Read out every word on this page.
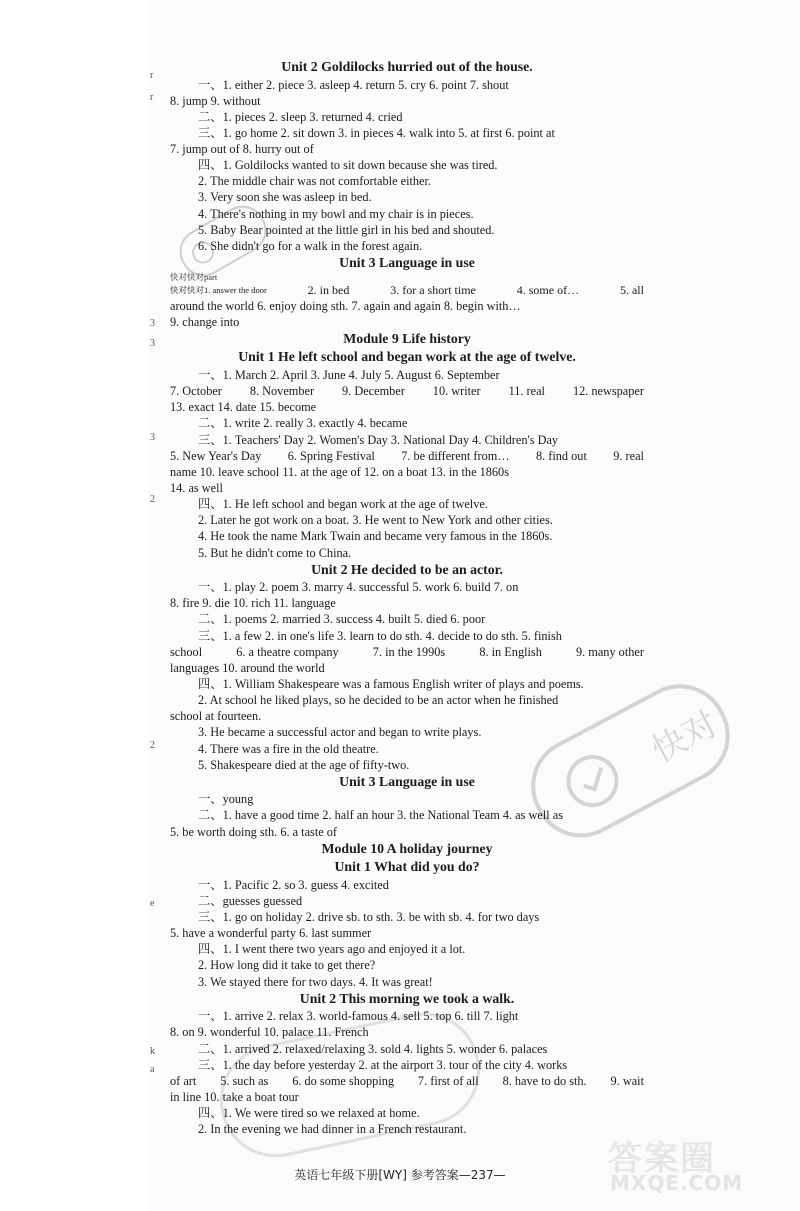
快对
Unit 2 Goldilocks hurried out of the house.
一、1. either 2. piece 3. asleep 4. return 5. cry 6. point 7. shout
8. jump 9. without
二、1. pieces 2. sleep 3. returned 4. cried
三、1. go home 2. sit down 3. in pieces 4. walk into 5. at first 6. point at
7. jump out of 8. hurry out of
四、1. Goldilocks wanted to sit down because she was tired.
2. The middle chair was not comfortable either.
3. Very soon she was asleep in bed.
4. There's nothing in my bowl and my chair is in pieces.
5. Baby Bear pointed at the little girl in his bed and shouted.
6. She didn't go for a walk in the forest again.
Unit 3 Language in use
快对快对part
快对快对1. answer the door	2. in bed	3. for a short time	4. some of…	5. all
around the world 6. enjoy doing sth. 7. again and again 8. begin with…
9. change into
Module 9 Life history
Unit 1 He left school and began work at the age of twelve.
一、1. March 2. April 3. June 4. July 5. August 6. September
7. October 8. November 9. December 10. writer 11. real 12. newspaper
13. exact 14. date 15. become
二、1. write 2. really 3. exactly 4. became
三、1. Teachers' Day 2. Women's Day 3. National Day 4. Children's Day
5. New Year's Day 6. Spring Festival 7. be different from… 8. find out 9. real
name 10. leave school 11. at the age of 12. on a boat 13. in the 1860s
14. as well
四、1. He left school and began work at the age of twelve.
2. Later he got work on a boat. 3. He went to New York and other cities.
4. He took the name Mark Twain and became very famous in the 1860s.
5. But he didn't come to China.
Unit 2 He decided to be an actor.
一、1. play 2. poem 3. marry 4. successful 5. work 6. build 7. on
8. fire 9. die 10. rich 11. language
二、1. poems 2. married 3. success 4. built 5. died 6. poor
三、1. a few 2. in one's life 3. learn to do sth. 4. decide to do sth. 5. finish
school	6. a theatre company	7. in the 1990s	8. in English	9. many other
languages 10. around the world
四、1. William Shakespeare was a famous English writer of plays and poems.
2. At school he liked plays, so he decided to be an actor when he finished
school at fourteen.
3. He became a successful actor and began to write plays.
4. There was a fire in the old theatre.
5. Shakespeare died at the age of fifty-two.
Unit 3 Language in use
一、young
二、1. have a good time 2. half an hour 3. the National Team 4. as well as
5. be worth doing sth. 6. a taste of
Module 10 A holiday journey
Unit 1 What did you do?
一、1. Pacific 2. so 3. guess 4. excited
二、guesses guessed
三、1. go on holiday 2. drive sb. to sth. 3. be with sb. 4. for two days
5. have a wonderful party 6. last summer
四、1. I went there two years ago and enjoyed it a lot.
2. How long did it take to get there?
3. We stayed there for two days. 4. It was great!
Unit 2 This morning we took a walk.
一、1. arrive 2. relax 3. world-famous 4. sell 5. top 6. till 7. light
8. on 9. wonderful 10. palace 11. French
二、1. arrived 2. relaxed/relaxing 3. sold 4. lights 5. wonder 6. palaces
三、1. the day before yesterday 2. at the airport 3. tour of the city 4. works
of art 5. such as 6. do some shopping 7. first of all 8. have to do sth. 9. wait
in line 10. take a boat tour
四、1. We were tired so we relaxed at home.
2. In the evening we had dinner in a French restaurant.
r
r
3
3
3
2
2
e
k
a
英语七年级下册[WY] 参考答案—237—	答案圈
MXQE.COM
